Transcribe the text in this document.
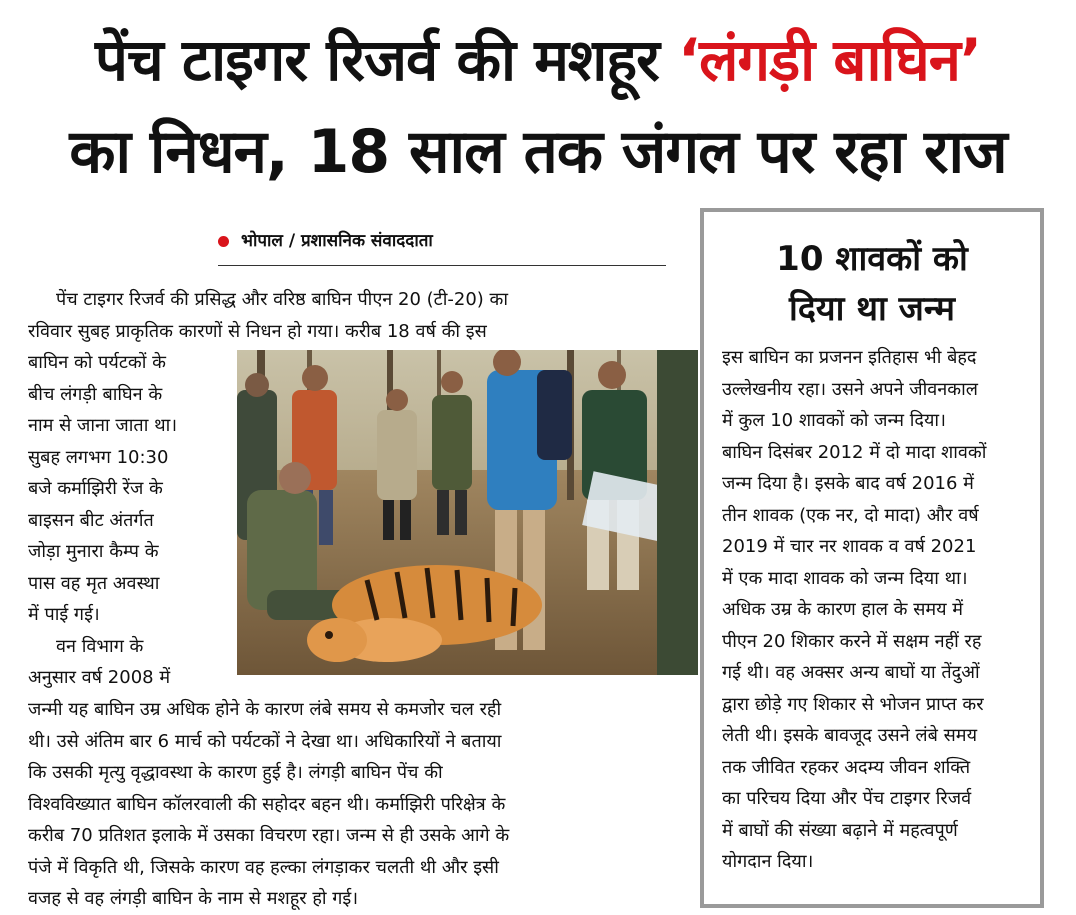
पेंच टाइगर रिजर्व की मशहूर ‘लंगड़ी बाघिन’
का निधन, 18 साल तक जंगल पर रहा राज
भोपाल / प्रशासनिक संवाददाता

पेंच टाइगर रिजर्व की प्रसिद्ध और वरिष्ठ बाघिन पीएन 20 (टी-20) का

रविवार सुबह प्राकृतिक कारणों से निधन हो गया। करीब 18 वर्ष की इस

बाघिन को पर्यटकों के

बीच लंगड़ी बाघिन के

नाम से जाना जाता था।

सुबह लगभग 10:30

बजे कर्माझिरी रेंज के

बाइसन बीट अंतर्गत

जोड़ा मुनारा कैम्प के

पास वह मृत अवस्था

में पाई गई।

वन विभाग के

अनुसार वर्ष 2008 में

जन्मी यह बाघिन उम्र अधिक होने के कारण लंबे समय से कमजोर चल रही

थी। उसे अंतिम बार 6 मार्च को पर्यटकों ने देखा था। अधिकारियों ने बताया

कि उसकी मृत्यु वृद्धावस्था के कारण हुई है। लंगड़ी बाघिन पेंच की

विश्वविख्यात बाघिन कॉलरवाली की सहोदर बहन थी। कर्माझिरी परिक्षेत्र के

करीब 70 प्रतिशत इलाके में उसका विचरण रहा। जन्म से ही उसके आगे के

पंजे में विकृति थी, जिसके कारण वह हल्का लंगड़ाकर चलती थी और इसी

वजह से वह लंगड़ी बाघिन के नाम से मशहूर हो गई।

10 शावकों को
दिया था जन्म

इस बाघिन का प्रजनन इतिहास भी बेहद

उल्लेखनीय रहा। उसने अपने जीवनकाल

में कुल 10 शावकों को जन्म दिया।

बाघिन दिसंबर 2012 में दो मादा शावकों

जन्म दिया है। इसके बाद वर्ष 2016 में

तीन शावक (एक नर, दो मादा) और वर्ष

2019 में चार नर शावक व वर्ष 2021

में एक मादा शावक को जन्म दिया था।

अधिक उम्र के कारण हाल के समय में

पीएन 20 शिकार करने में सक्षम नहीं रह

गई थी। वह अक्सर अन्य बाघों या तेंदुओं

द्वारा छोड़े गए शिकार से भोजन प्राप्त कर

लेती थी। इसके बावजूद उसने लंबे समय

तक जीवित रहकर अदम्य जीवन शक्ति

का परिचय दिया और पेंच टाइगर रिजर्व

में बाघों की संख्या बढ़ाने में महत्वपूर्ण

योगदान दिया।
